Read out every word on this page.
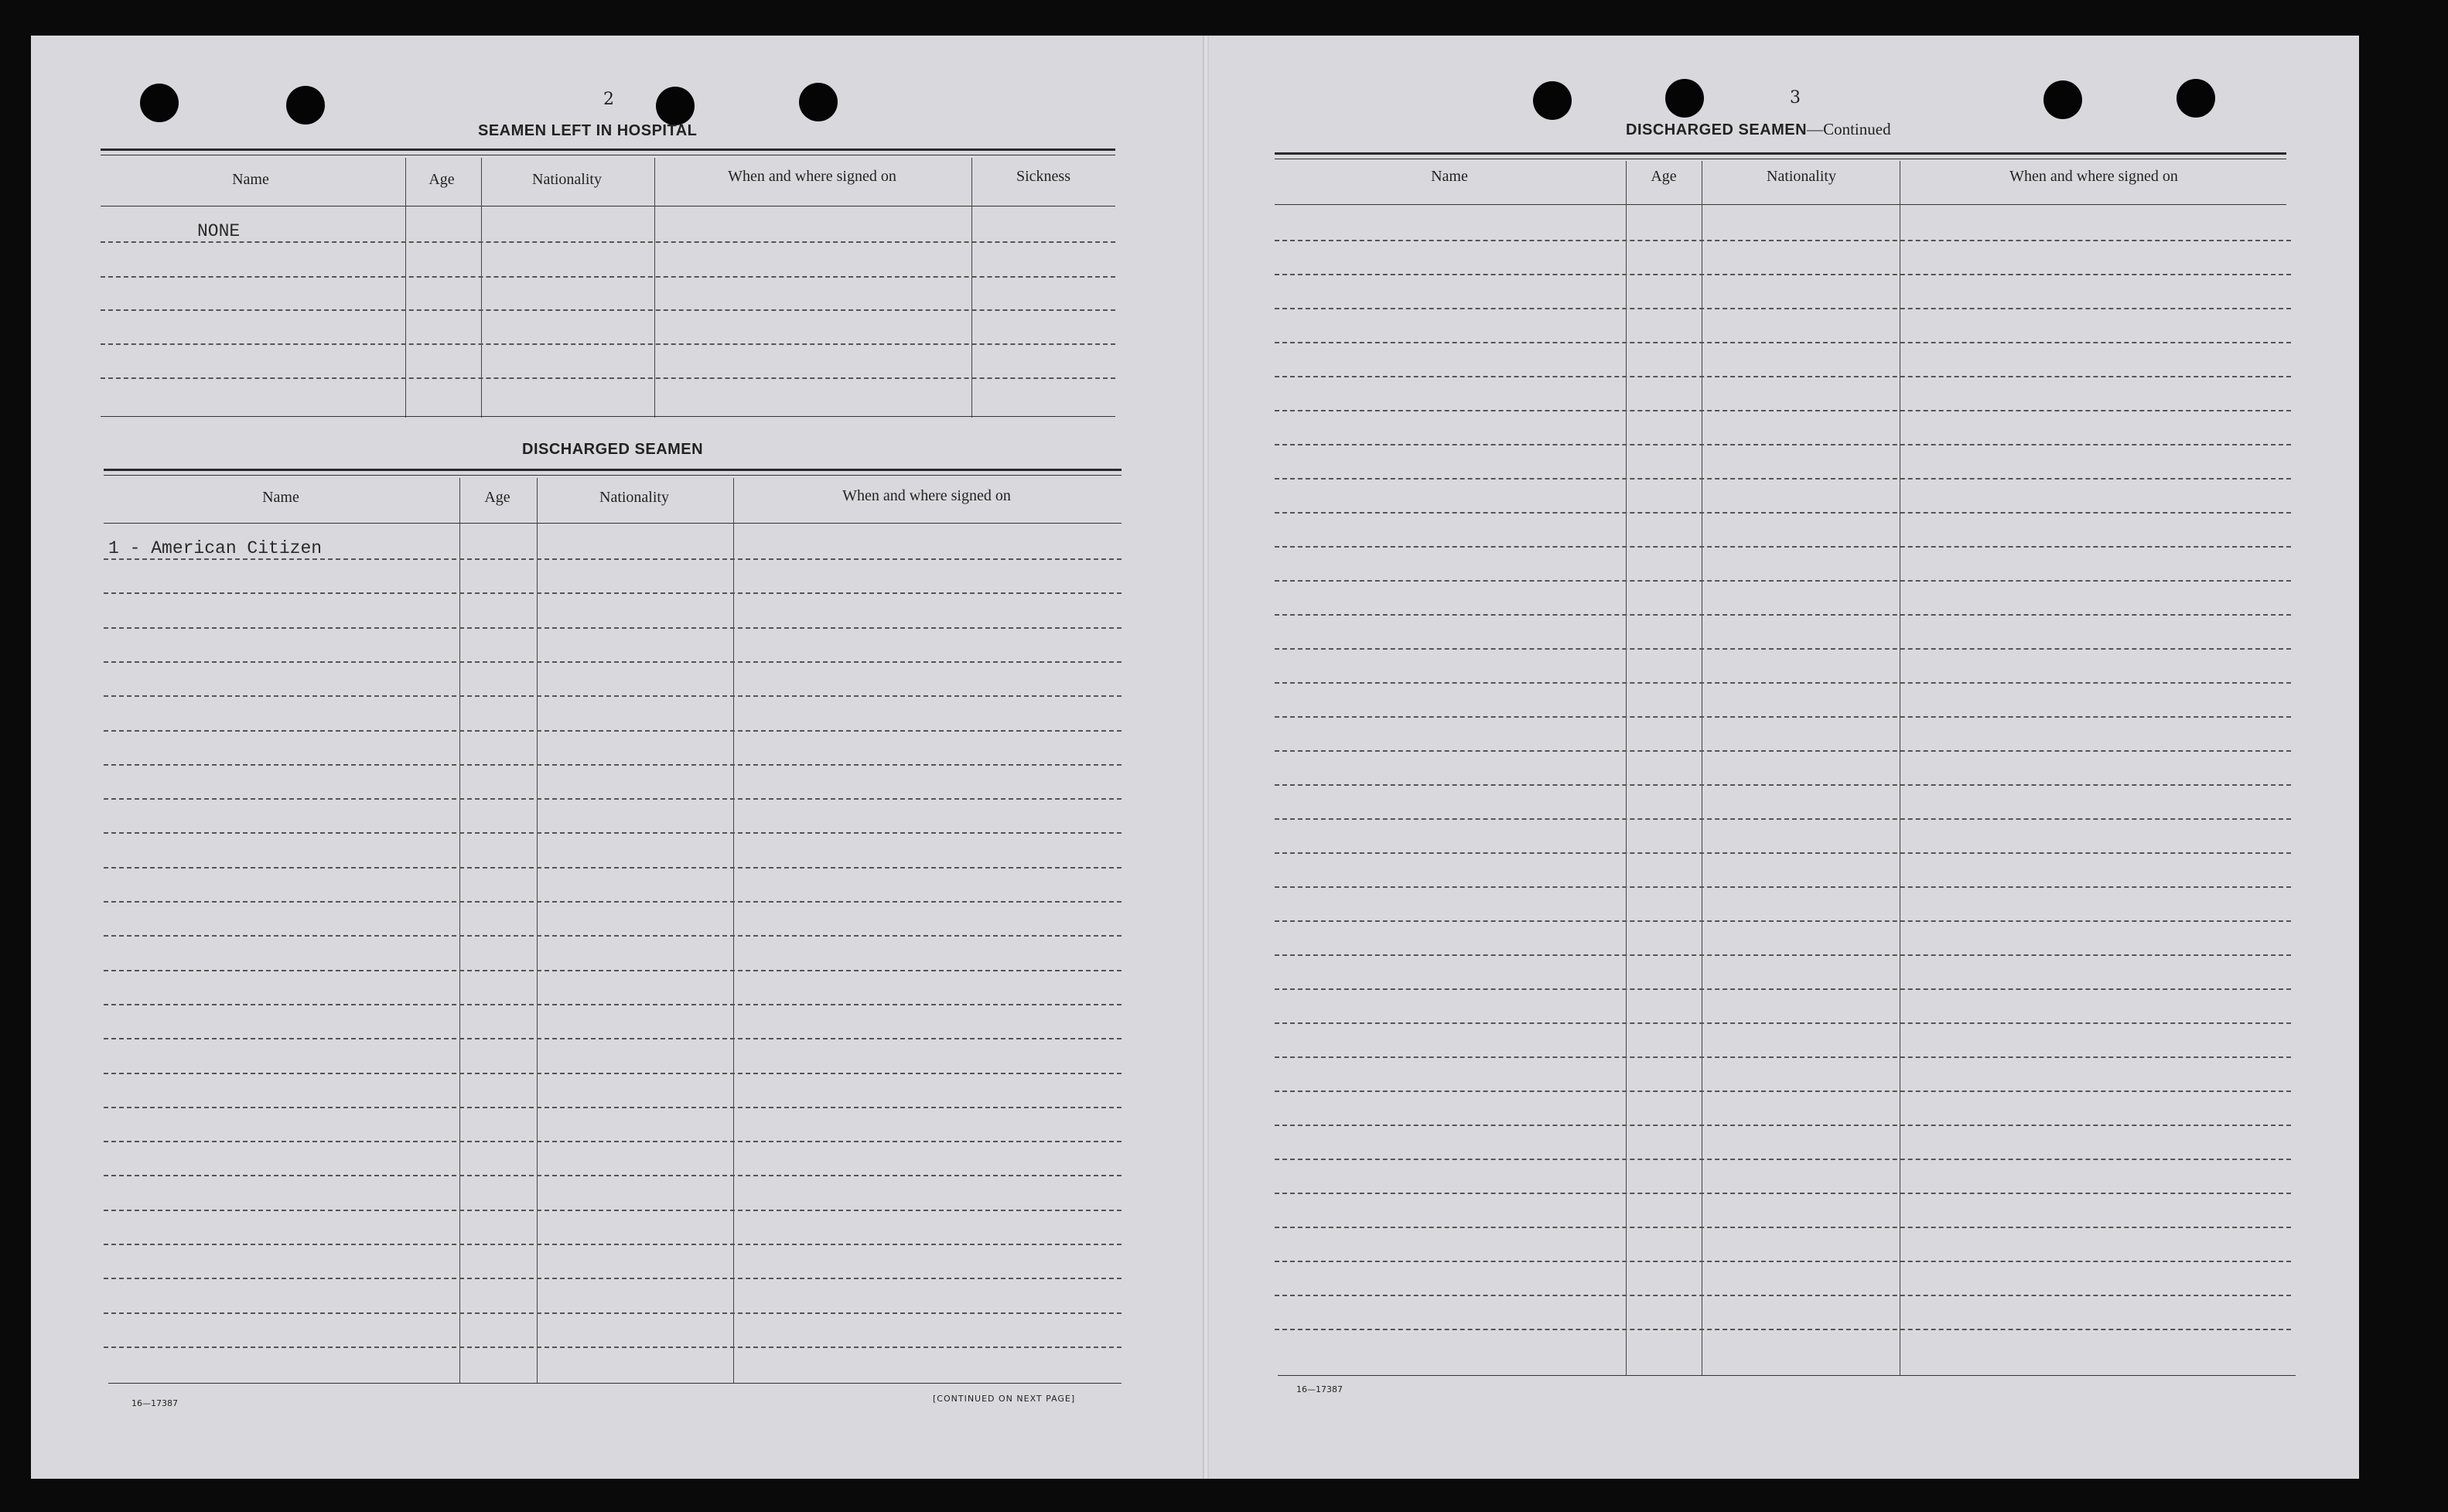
2
SEAMEN LEFT IN HOSPITAL
Name	Age	Nationality	When and where signed on	Sickness
NONE
DISCHARGED SEAMEN
Name	Age	Nationality	When and where signed on
1 - American Citizen
16—17387	[CONTINUED ON NEXT PAGE]
3
DISCHARGED SEAMEN—Continued
Name	Age	Nationality	When and where signed on
16—17387
